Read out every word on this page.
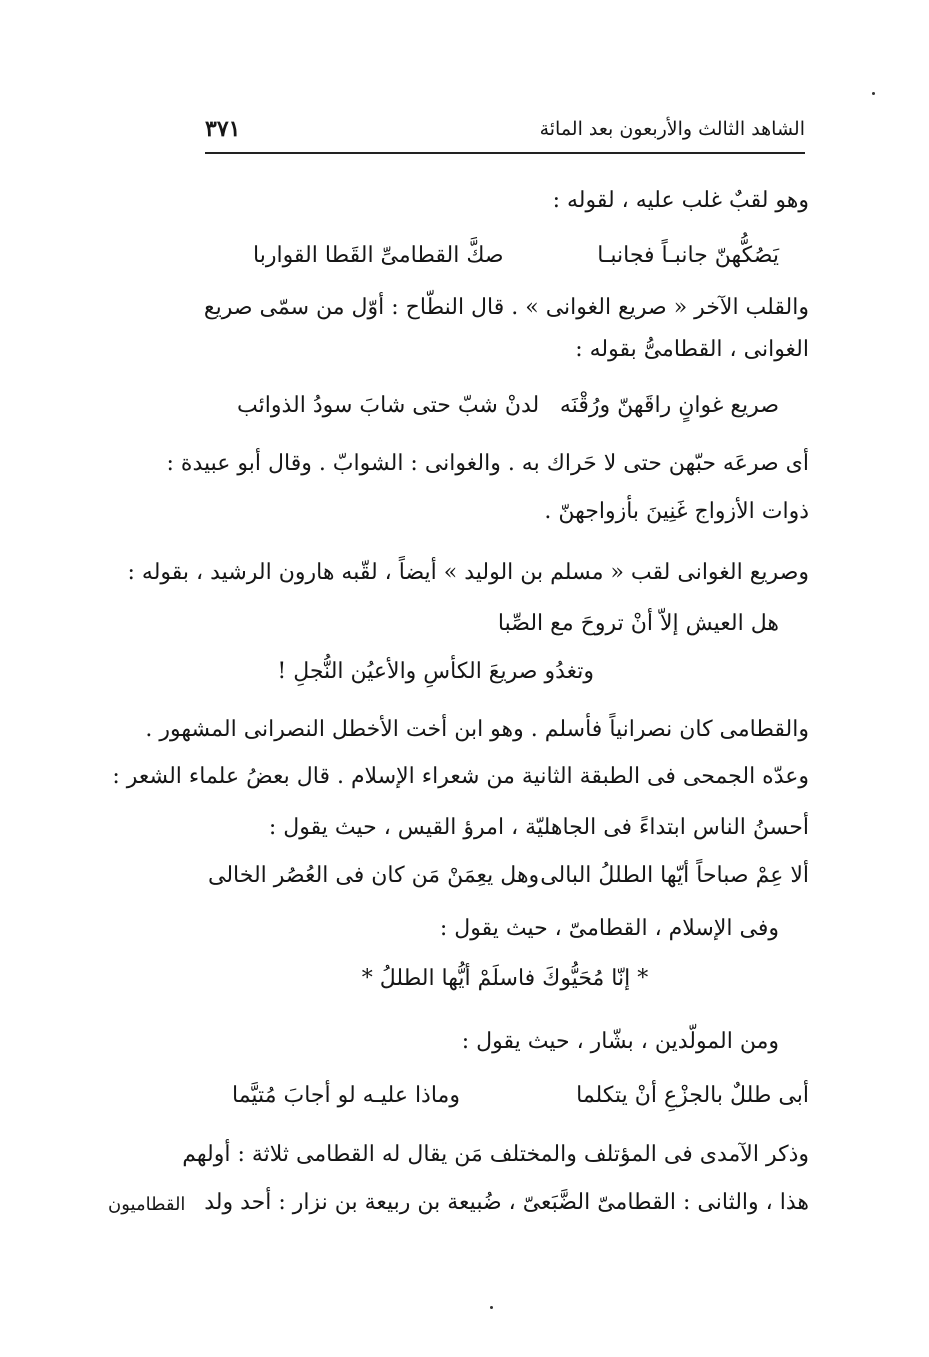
الشاهد الثالث والأربعون بعد المائة
٣٧١
وهو لقبٌ غلب عليه ، لقوله :
يَصُكُّهنّ جانبـاً فجانبـا
صكَّ القطامىِّ القَطا القواربا
والقلب الآخر « صريع الغوانى » . قال النطّاح : أوّل من سمّى صريع
الغوانى ، القطامىُّ بقوله :
صريع غوانٍ راقَهنّ ورُقْنَه
لدنْ شبّ حتى شابَ سودُ الذوائب
أى صرعَه حبّهن حتى لا حَراك به . والغوانى : الشوابّ . وقال أبو عبيدة :
ذوات الأزواج غَنِينَ بأزواجهنّ .
وصريع الغوانى لقب « مسلم بن الوليد » أيضاً ، لقّبه هارون الرشيد ، بقوله :
هل العيش إلاّ أنْ تروحَ مع الصِّبا
وتغدُو صريعَ الكأسِ والأعيُن النُّجلِ !
والقطامى كان نصرانياً فأسلم . وهو ابن أخت الأخطل النصرانى المشهور .
وعدّه الجمحى فى الطبقة الثانية من شعراء الإسلام . قال بعضُ علماء الشعر :
أحسنُ الناس ابتداءً فى الجاهليّة ، امرؤ القيس ، حيث يقول :
ألا عِمْ صباحاً أيّها الطللُ البالى
وهل يعِمَنْ مَن كان فى العُصُر الخالى
وفى الإسلام ، القطامىّ ، حيث يقول :
* إنّا مُحَيُّوكَ فاسلَمْ أيُّها الطللُ *
ومن المولّدين ، بشّار ، حيث يقول :
أبى طللٌ بالجزْعِ أنْ يتكلما
وماذا عليـه لو أجابَ مُتيَّما
وذكر الآمدى فى المؤتلف والمختلف مَن يقال له القطامى ثلاثة : أولهم
هذا ، والثانى : القطامىّ الضَّبَعىّ ، ضُبيعة بن ربيعة بن نزار : أحد ولد
القطاميون
